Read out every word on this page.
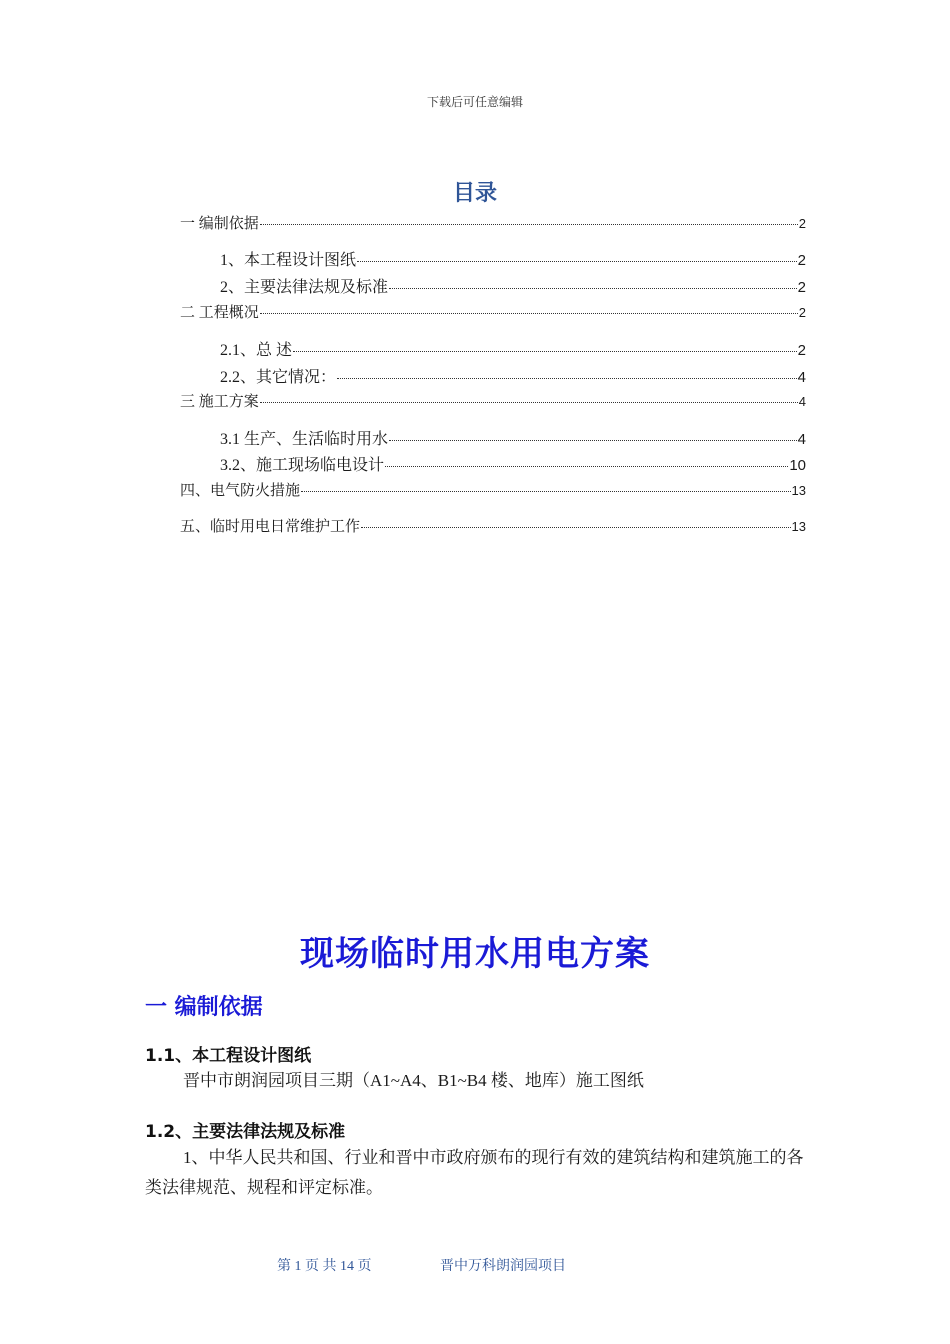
下载后可任意编辑
目录
一 编制依据	2
1、本工程设计图纸	2
2、主要法律法规及标准	2
二 工程概况	2
2.1、总 述	2
2.2、其它情况：	4
三 施工方案	4
3.1 生产、生活临时用水	4
3.2、施工现场临电设计	10
四、电气防火措施	13
五、临时用电日常维护工作	13
现场临时用水用电方案
一 编制依据
1.1、本工程设计图纸
晋中市朗润园项目三期（A1~A4、B1~B4 楼、地库）施工图纸
1.2、主要法律法规及标准
1、中华人民共和国、行业和晋中市政府颁布的现行有效的建筑结构和建筑施工的各类法律规范、规程和评定标准。
第 1 页 共 14 页	晋中万科朗润园项目
